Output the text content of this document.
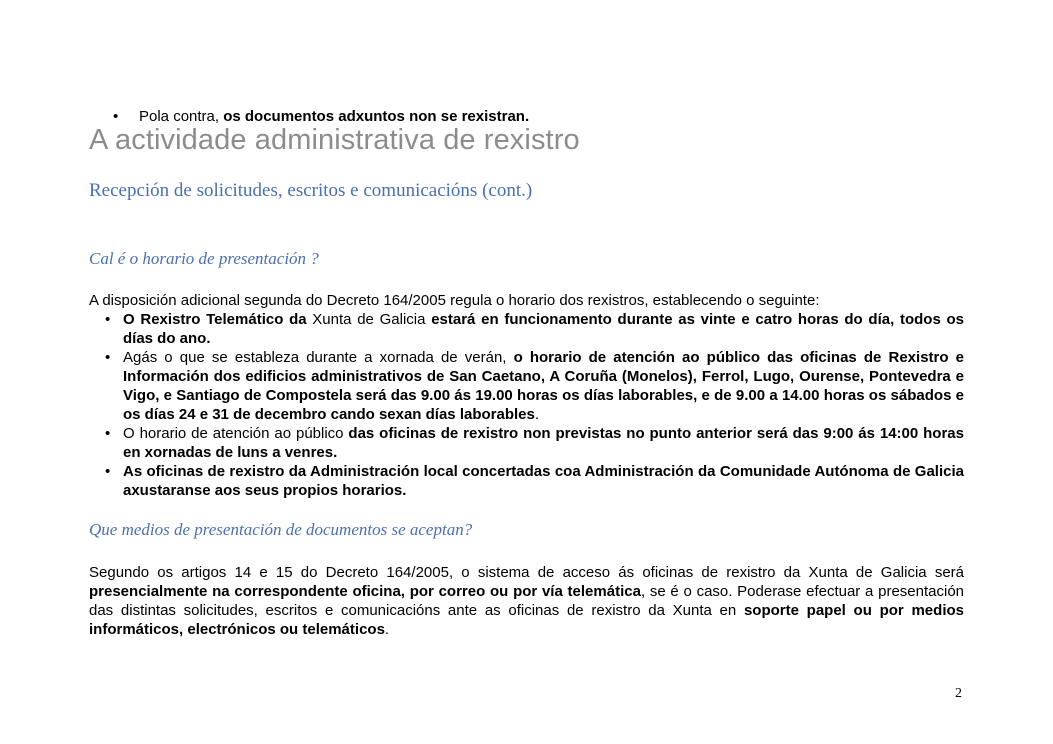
• Pola contra, os documentos adxuntos non se rexistran.
A actividade administrativa de rexistro
Recepción de solicitudes, escritos e comunicacións (cont.)
Cal é o horario de presentación ?
A disposición adicional segunda do Decreto 164/2005 regula o horario dos rexistros, establecendo o seguinte:
• O Rexistro Telemático da Xunta de Galicia estará en funcionamento durante as vinte e catro horas do día, todos os días do ano.
• Agás o que se estableza durante a xornada de verán, o horario de atención ao público das oficinas de Rexistro e Información dos edificios administrativos de San Caetano, A Coruña (Monelos), Ferrol, Lugo, Ourense, Pontevedra e Vigo, e Santiago de Compostela será das 9.00 ás 19.00 horas os días laborables, e de 9.00 a 14.00 horas os sábados e os días 24 e 31 de decembro cando sexan días laborables.
• O horario de atención ao público das oficinas de rexistro non previstas no punto anterior será das 9:00 ás 14:00 horas en xornadas de luns a venres.
• As oficinas de rexistro da Administración local concertadas coa Administración da Comunidade Autónoma de Galicia axustaranse aos seus propios horarios.
Que medios de presentación de documentos se aceptan?
Segundo os artigos 14 e 15 do Decreto 164/2005, o sistema de acceso ás oficinas de rexistro da Xunta de Galicia será presencialmente na correspondente oficina, por correo ou por vía telemática, se é o caso. Poderase efectuar a presentación das distintas solicitudes, escritos e comunicacións ante as oficinas de rexistro da Xunta en soporte papel ou por medios informáticos, electrónicos ou telemáticos.
2
